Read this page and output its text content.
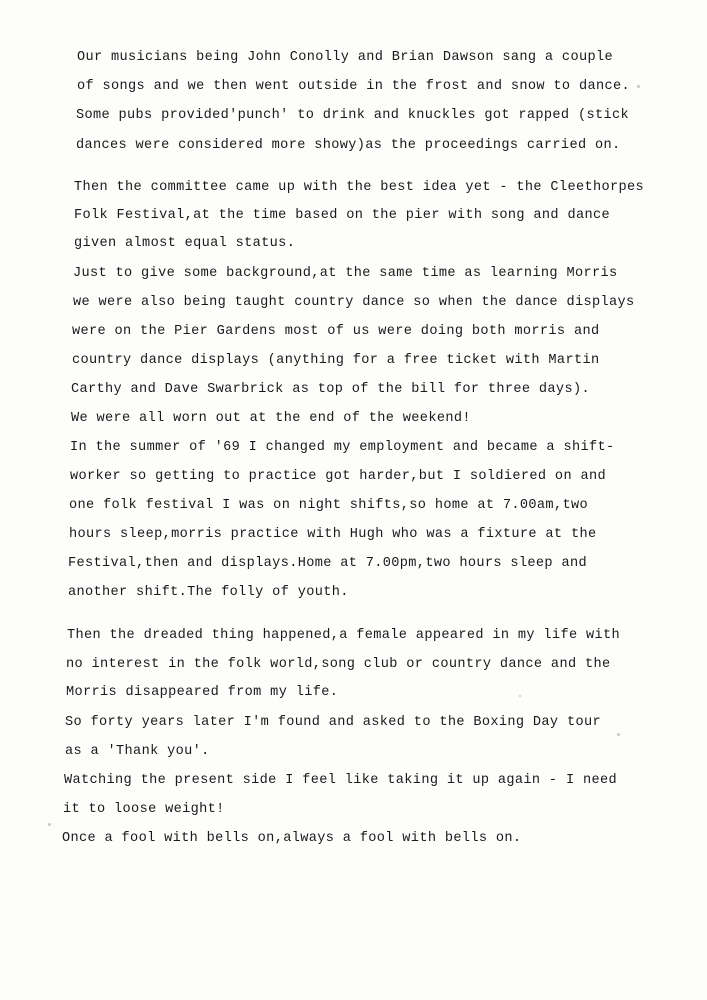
Our musicians being John Conolly and Brian Dawson sang a couple
of songs and we then went outside in the frost and snow to dance.
Some pubs provided'punch' to drink and knuckles got rapped (stick
dances were considered more showy)as the proceedings carried on.
Then the committee came up with the best idea yet - the Cleethorpes
Folk Festival,at the time based on the pier with song and dance
given almost equal status.
Just to give some background,at the same time as learning Morris
we were also being taught country dance so when the dance displays
were on the Pier Gardens most of us were doing both morris and
country dance displays (anything for a free ticket with Martin
Carthy and Dave Swarbrick as top of the bill for three days).
We were all worn out at the end of the weekend!
In the summer of '69 I changed my employment and became a shift-
worker so getting to practice got harder,but I soldiered on and
one folk festival I was on night shifts,so home at 7.00am,two
hours sleep,morris practice with Hugh who was a fixture at the
Festival,then and displays.Home at 7.00pm,two hours sleep and
another shift.The folly of youth.
Then the dreaded thing happened,a female appeared in my life with
no interest in the folk world,song club or country dance and the
Morris disappeared from my life.
So forty years later I'm found and asked to the Boxing Day tour
as a 'Thank you'.
Watching the present side I feel like taking it up again - I need
it to loose weight!
Once a fool with bells on,always a fool with bells on.
